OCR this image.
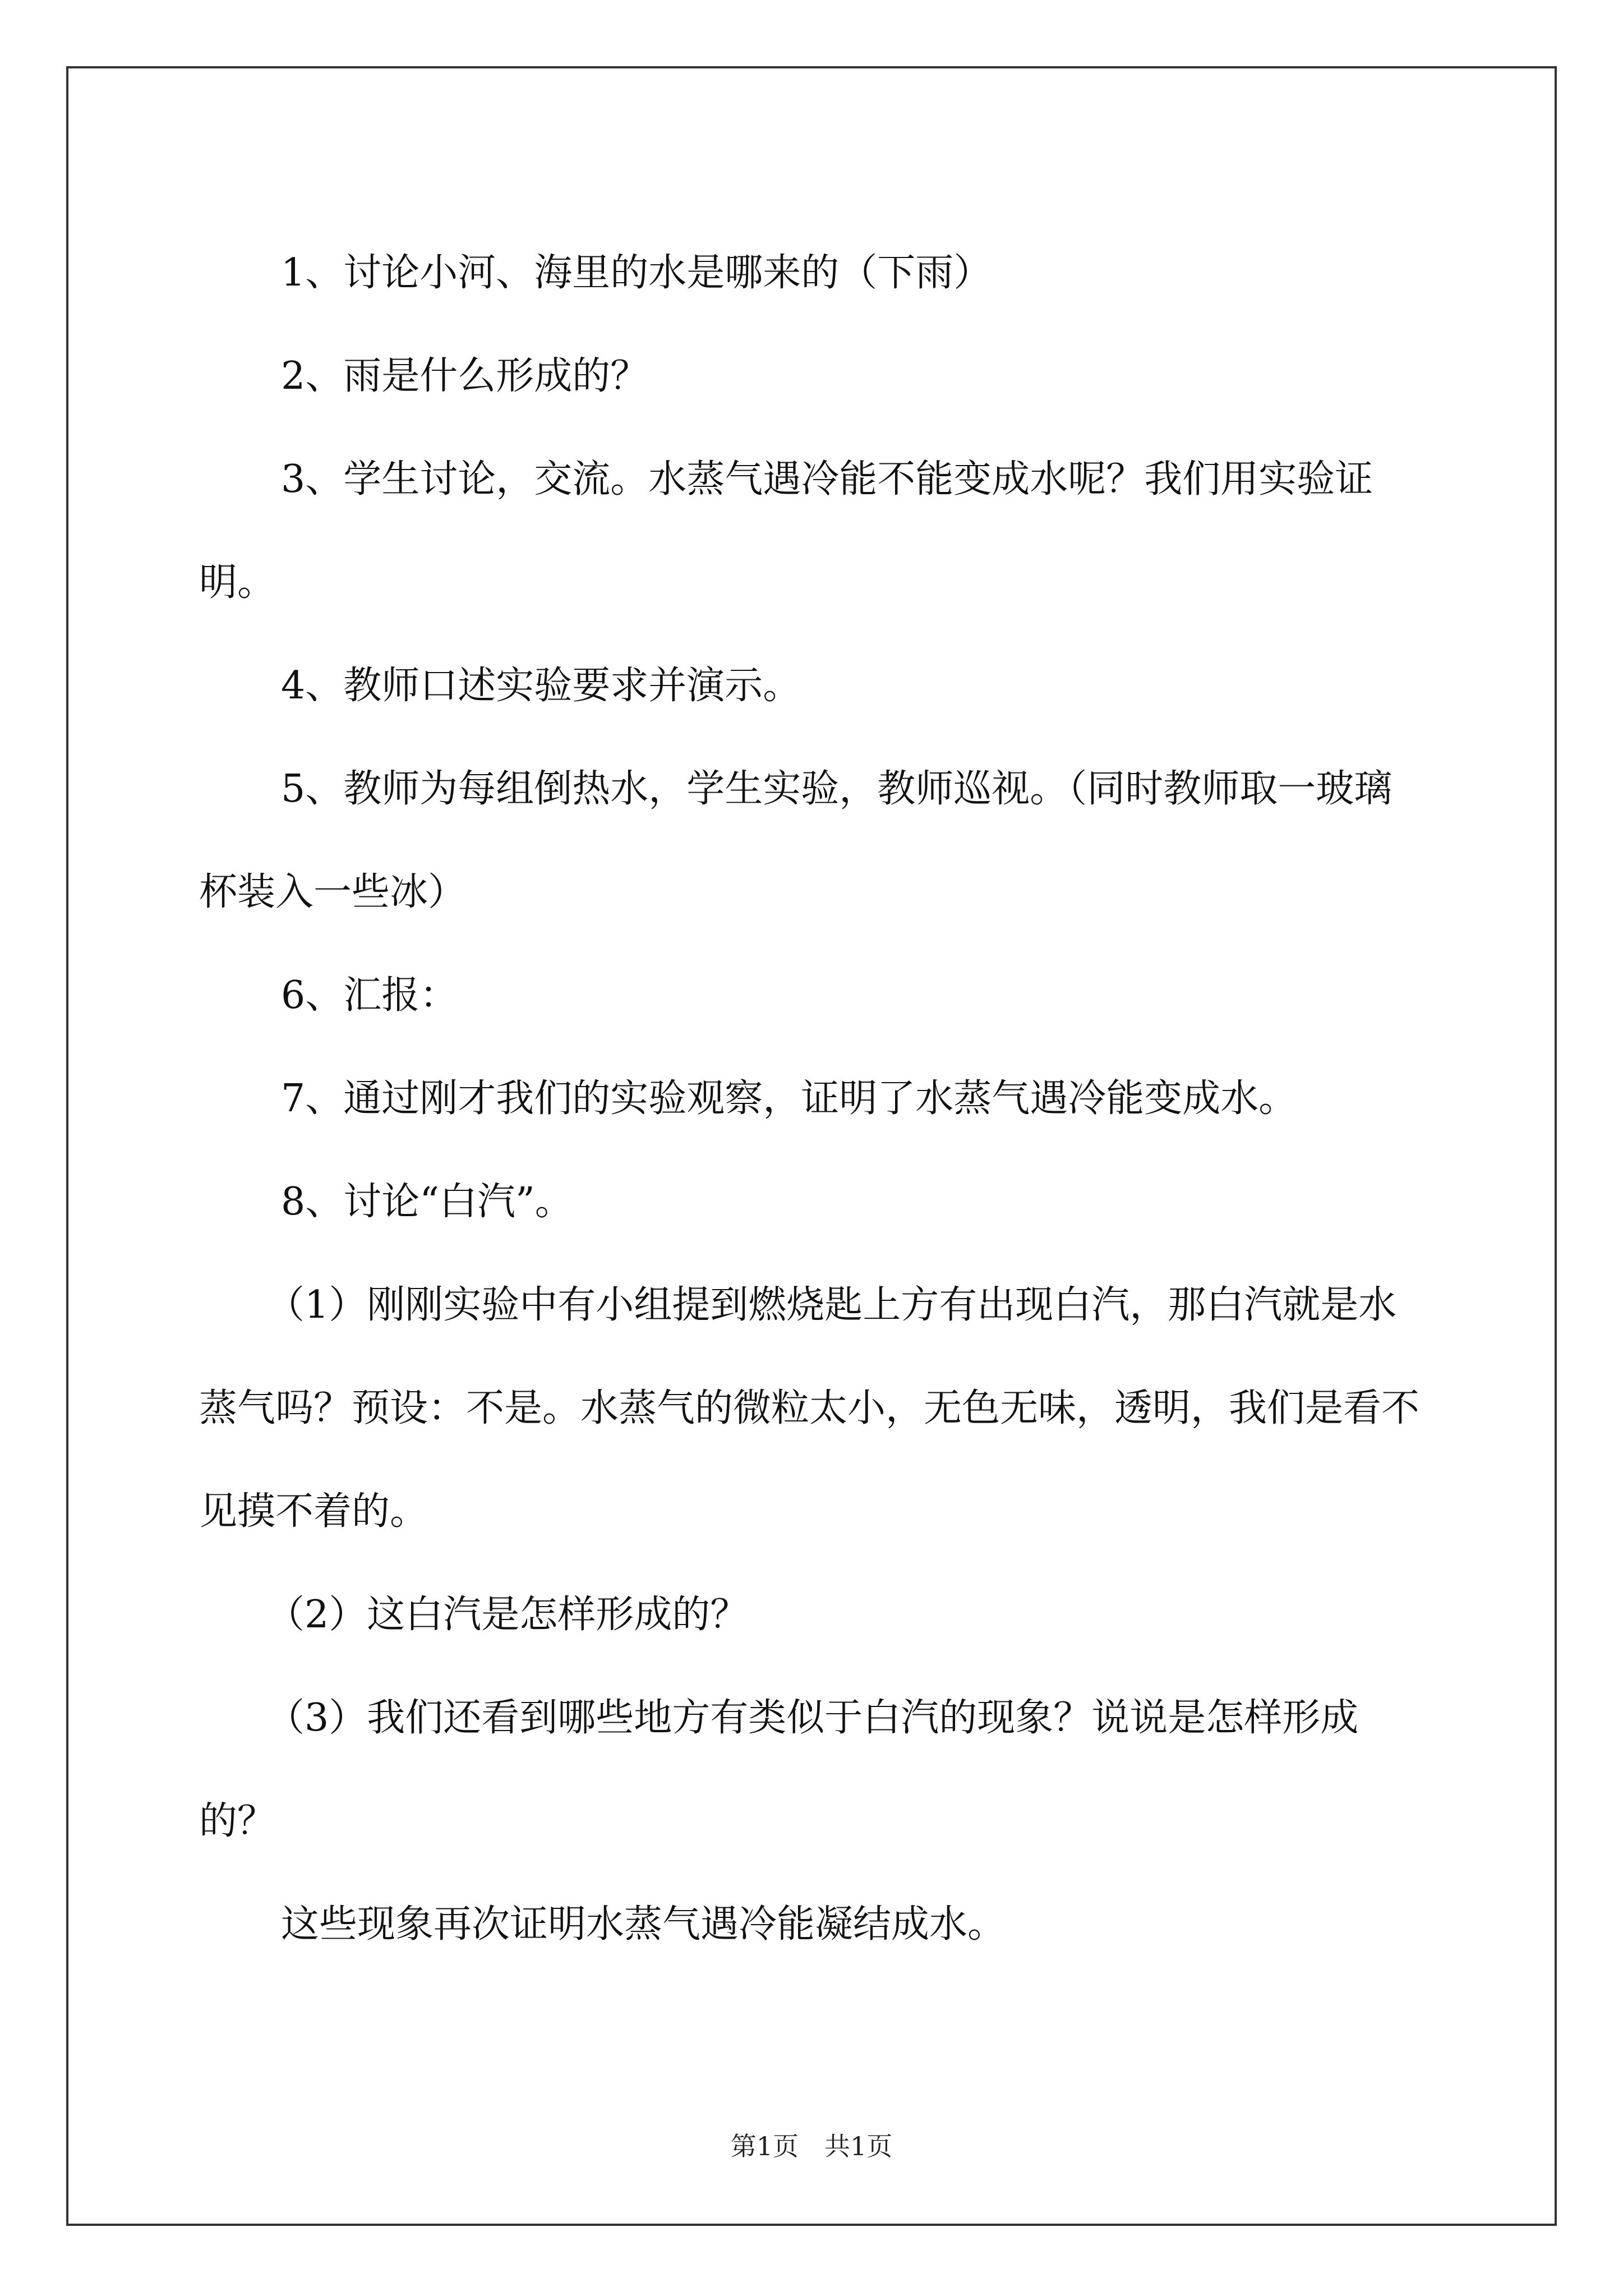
1、讨论小河、海里的水是哪来的（下雨）

2、雨是什么形成的？

3、学生讨论，交流。水蒸气遇冷能不能变成水呢？我们用实验证明。

4、教师口述实验要求并演示。

5、教师为每组倒热水，学生实验，教师巡视。（同时教师取一玻璃杯装入一些冰）

6、汇报：

7、通过刚才我们的实验观察，证明了水蒸气遇冷能变成水。

8、讨论“白汽”。

（1）刚刚实验中有小组提到燃烧匙上方有出现白汽，那白汽就是水蒸气吗？预设：不是。水蒸气的微粒太小，无色无味，透明，我们是看不见摸不着的。

（2）这白汽是怎样形成的？

（3）我们还看到哪些地方有类似于白汽的现象？说说是怎样形成的？

这些现象再次证明水蒸气遇冷能凝结成水。

第1页 共1页
